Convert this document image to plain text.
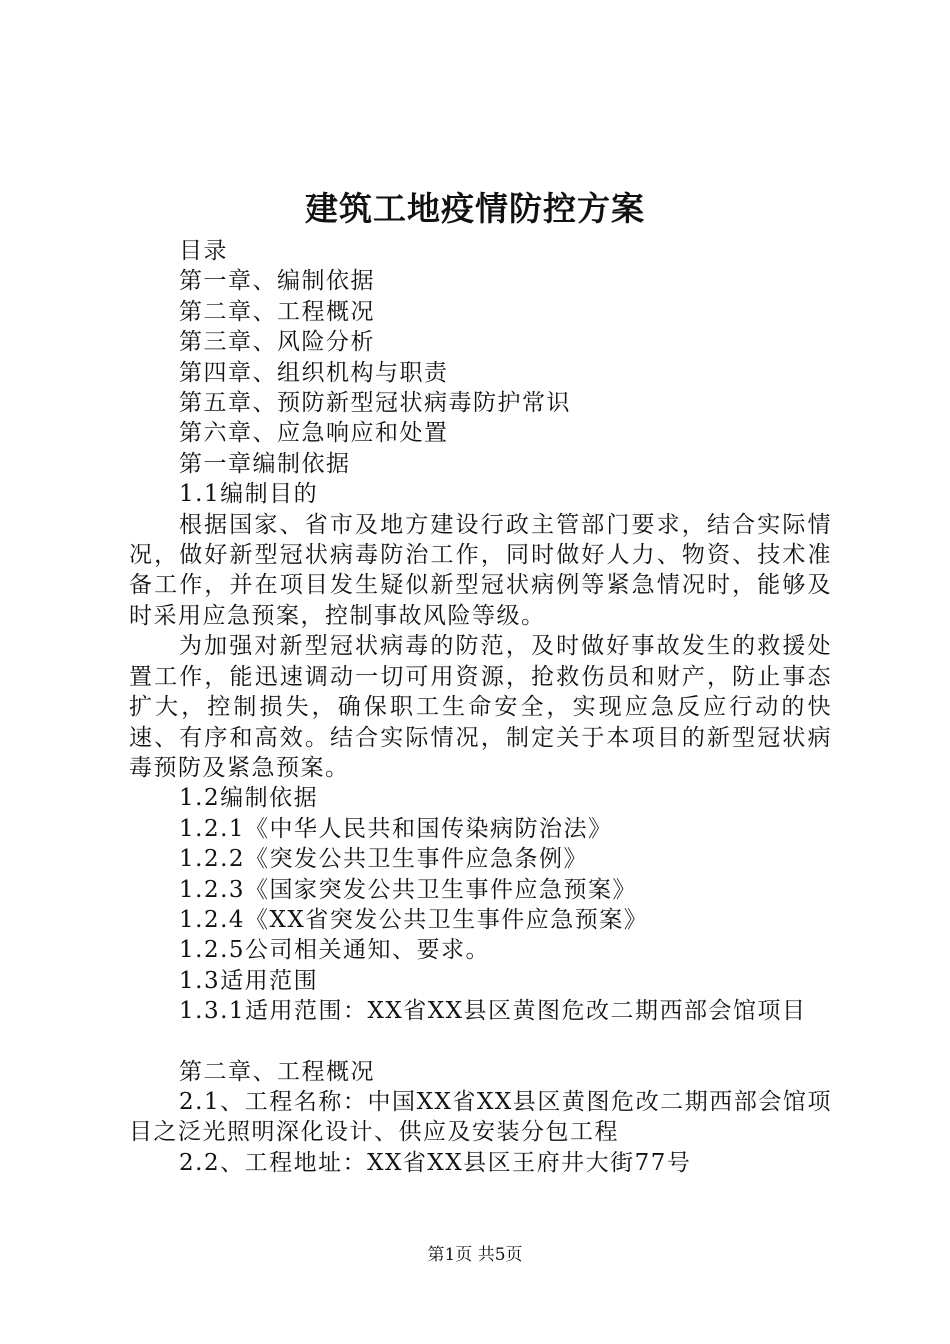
建筑工地疫情防控方案
目录
第一章、编制依据
第二章、工程概况
第三章、风险分析
第四章、组织机构与职责
第五章、预防新型冠状病毒防护常识
第六章、应急响应和处置
第一章编制依据
1.1编制目的

根据国家、省市及地方建设行政主管部门要求，结合实际情况，做好新型冠状病毒防治工作，同时做好人力、物资、技术准备工作，并在项目发生疑似新型冠状病例等紧急情况时，能够及时采用应急预案，控制事故风险等级。

为加强对新型冠状病毒的防范，及时做好事故发生的救援处置工作，能迅速调动一切可用资源，抢救伤员和财产，防止事态扩大，控制损失，确保职工生命安全，实现应急反应行动的快速、有序和高效。结合实际情况，制定关于本项目的新型冠状病毒预防及紧急预案。

1.2编制依据
1.2.1《中华人民共和国传染病防治法》
1.2.2《突发公共卫生事件应急条例》
1.2.3《国家突发公共卫生事件应急预案》
1.2.4《XX省突发公共卫生事件应急预案》
1.2.5公司相关通知、要求。
1.3适用范围
1.3.1适用范围：XX省XX县区黄图危改二期西部会馆项目
第二章、工程概况

2.1、工程名称：中国XX省XX县区黄图危改二期西部会馆项目之泛光照明深化设计、供应及安装分包工程

2.2、工程地址：XX省XX县区王府井大街77号
第1页 共5页
